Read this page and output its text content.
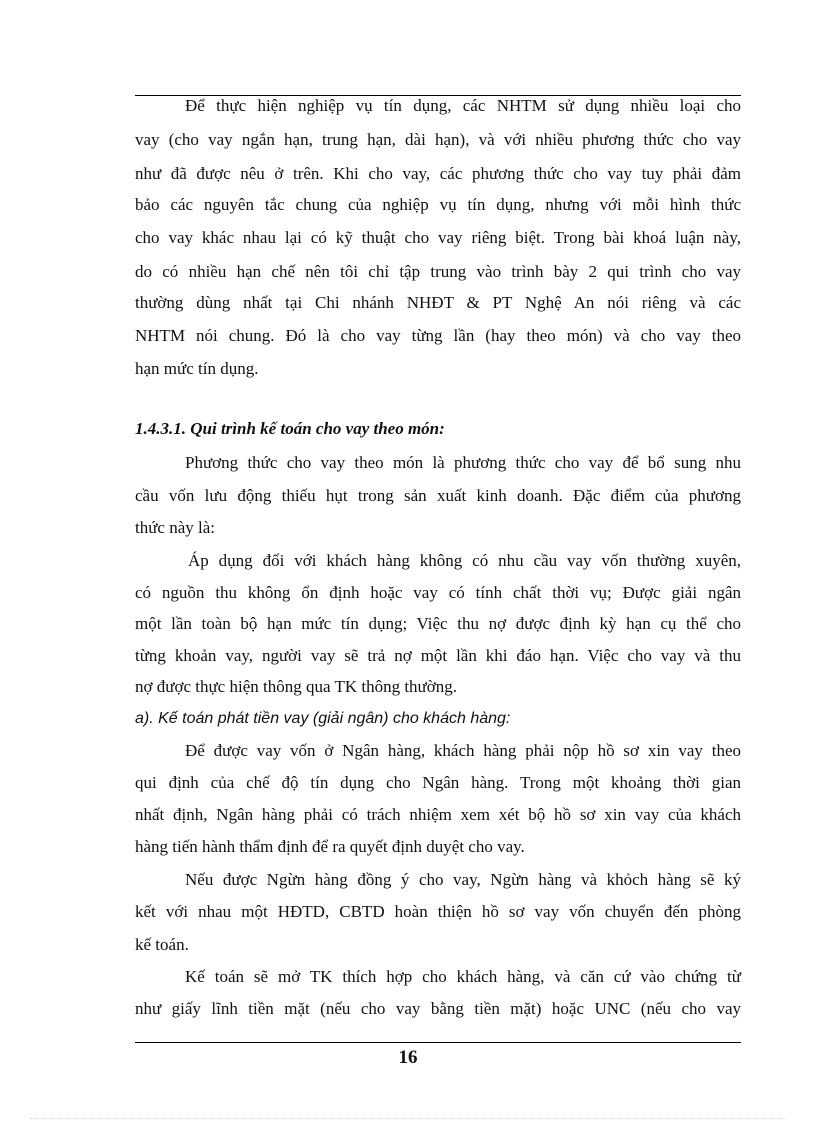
Để thực hiện nghiệp vụ tín dụng, các NHTM sử dụng nhiều loại cho
vay (cho vay ngắn hạn, trung hạn, dài hạn), và với nhiều phương thức cho vay
như đã được nêu ở trên. Khi cho vay, các phương thức cho vay tuy phải đảm
bảo các nguyên tắc chung của nghiệp vụ tín dụng, nhưng với mỗi hình thức
cho vay khác nhau lại có kỹ thuật cho vay riêng biệt. Trong bài khoá luận này,
do có nhiều hạn chế nên tôi chỉ tập trung vào trình bày 2 qui trình cho vay
thường dùng nhất tại Chi nhánh NHĐT & PT Nghệ An nói riêng và các
NHTM nói chung. Đó là cho vay từng lần (hay theo món) và cho vay theo
hạn mức tín dụng.
1.4.3.1. Qui trình kế toán cho vay theo món:
Phương thức cho vay theo món là phương thức cho vay để bổ sung nhu
cầu vốn lưu động thiếu hụt trong sản xuất kinh doanh. Đặc điểm của phương
thức này là:
Áp dụng đối với khách hàng không có nhu cầu vay vốn thường xuyên,
có nguồn thu không ổn định hoặc vay có tính chất thời vụ; Được giải ngân
một lần toàn bộ hạn mức tín dụng; Việc thu nợ được định kỳ hạn cụ thể cho
từng khoản vay, người vay sẽ trả nợ một lần khi đáo hạn. Việc cho vay và thu
nợ được thực hiện thông qua TK thông thường.
a). Kế toán phát tiền vay (giải ngân) cho khách hàng:
Để được vay vốn ở Ngân hàng, khách hàng phải nộp hồ sơ xin vay theo
qui định của chế độ tín dụng cho Ngân hàng. Trong một khoảng thời gian
nhất định, Ngân hàng phải có trách nhiệm xem xét bộ hồ sơ xin vay của khách
hàng tiến hành thẩm định để ra quyết định duyệt cho vay.
Nếu được Ngừn hàng đồng ý cho vay, Ngừn hàng và khỏch hàng sẽ ký
kết với nhau một HĐTD, CBTD hoàn thiện hồ sơ vay vốn chuyển đến phòng
kế toán.
Kế toán sẽ mở TK thích hợp cho khách hàng, và căn cứ vào chứng từ
như giấy lĩnh tiền mặt (nếu cho vay bằng tiền mặt) hoặc UNC (nếu cho vay
16
